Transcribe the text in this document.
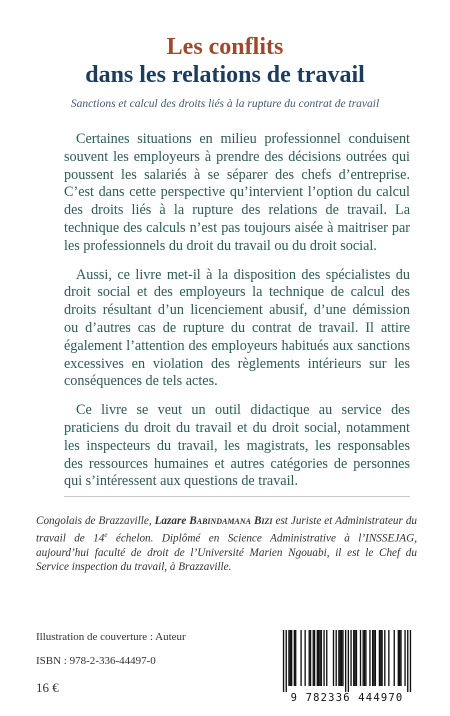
Les conflits
dans les relations de travail
Sanctions et calcul des droits liés à la rupture du contrat de travail

Certaines situations en milieu professionnel conduisent souvent les employeurs à prendre des décisions outrées qui poussent les salariés à se séparer des chefs d’entreprise. C’est dans cette perspective qu’intervient l’option du calcul des droits liés à la rupture des relations de travail. La technique des calculs n’est pas toujours aisée à maitriser par les professionnels du droit du travail ou du droit social.

Aussi, ce livre met-il à la disposition des spécialistes du droit social et des employeurs la technique de calcul des droits résultant d’un licenciement abusif, d’une démission ou d’autres cas de rupture du contrat de travail. Il attire également l’attention des employeurs habitués aux sanctions excessives en violation des règlements intérieurs sur les conséquences de tels actes.

Ce livre se veut un outil didactique au service des praticiens du droit du travail et du droit social, notamment les inspecteurs du travail, les magistrats, les responsables des ressources humaines et autres catégories de personnes qui s’intéressent aux questions de travail.

Congolais de Brazzaville, Lazare Babindamana Bizi est Juriste et Administrateur du travail de 14e échelon. Diplômé en Science Administrative à l’INSSEJAG, aujourd’hui faculté de droit de l’Université Marien Ngouabi, il est le Chef du Service inspection du travail, à Brazzaville.
Illustration de couverture : Auteur
ISBN : 978-2-336-44497-0
16 €
9 782336 444970
